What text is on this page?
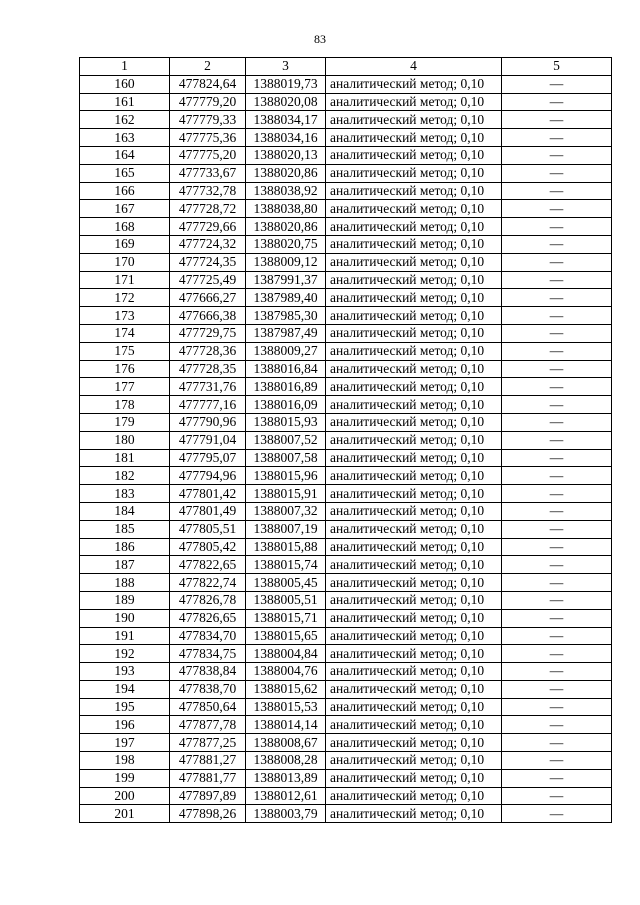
83
1	2	3	4	5
160	477824,64	1388019,73	аналитический метод; 0,10	—
161	477779,20	1388020,08	аналитический метод; 0,10	—
162	477779,33	1388034,17	аналитический метод; 0,10	—
163	477775,36	1388034,16	аналитический метод; 0,10	—
164	477775,20	1388020,13	аналитический метод; 0,10	—
165	477733,67	1388020,86	аналитический метод; 0,10	—
166	477732,78	1388038,92	аналитический метод; 0,10	—
167	477728,72	1388038,80	аналитический метод; 0,10	—
168	477729,66	1388020,86	аналитический метод; 0,10	—
169	477724,32	1388020,75	аналитический метод; 0,10	—
170	477724,35	1388009,12	аналитический метод; 0,10	—
171	477725,49	1387991,37	аналитический метод; 0,10	—
172	477666,27	1387989,40	аналитический метод; 0,10	—
173	477666,38	1387985,30	аналитический метод; 0,10	—
174	477729,75	1387987,49	аналитический метод; 0,10	—
175	477728,36	1388009,27	аналитический метод; 0,10	—
176	477728,35	1388016,84	аналитический метод; 0,10	—
177	477731,76	1388016,89	аналитический метод; 0,10	—
178	477777,16	1388016,09	аналитический метод; 0,10	—
179	477790,96	1388015,93	аналитический метод; 0,10	—
180	477791,04	1388007,52	аналитический метод; 0,10	—
181	477795,07	1388007,58	аналитический метод; 0,10	—
182	477794,96	1388015,96	аналитический метод; 0,10	—
183	477801,42	1388015,91	аналитический метод; 0,10	—
184	477801,49	1388007,32	аналитический метод; 0,10	—
185	477805,51	1388007,19	аналитический метод; 0,10	—
186	477805,42	1388015,88	аналитический метод; 0,10	—
187	477822,65	1388015,74	аналитический метод; 0,10	—
188	477822,74	1388005,45	аналитический метод; 0,10	—
189	477826,78	1388005,51	аналитический метод; 0,10	—
190	477826,65	1388015,71	аналитический метод; 0,10	—
191	477834,70	1388015,65	аналитический метод; 0,10	—
192	477834,75	1388004,84	аналитический метод; 0,10	—
193	477838,84	1388004,76	аналитический метод; 0,10	—
194	477838,70	1388015,62	аналитический метод; 0,10	—
195	477850,64	1388015,53	аналитический метод; 0,10	—
196	477877,78	1388014,14	аналитический метод; 0,10	—
197	477877,25	1388008,67	аналитический метод; 0,10	—
198	477881,27	1388008,28	аналитический метод; 0,10	—
199	477881,77	1388013,89	аналитический метод; 0,10	—
200	477897,89	1388012,61	аналитический метод; 0,10	—
201	477898,26	1388003,79	аналитический метод; 0,10	—
